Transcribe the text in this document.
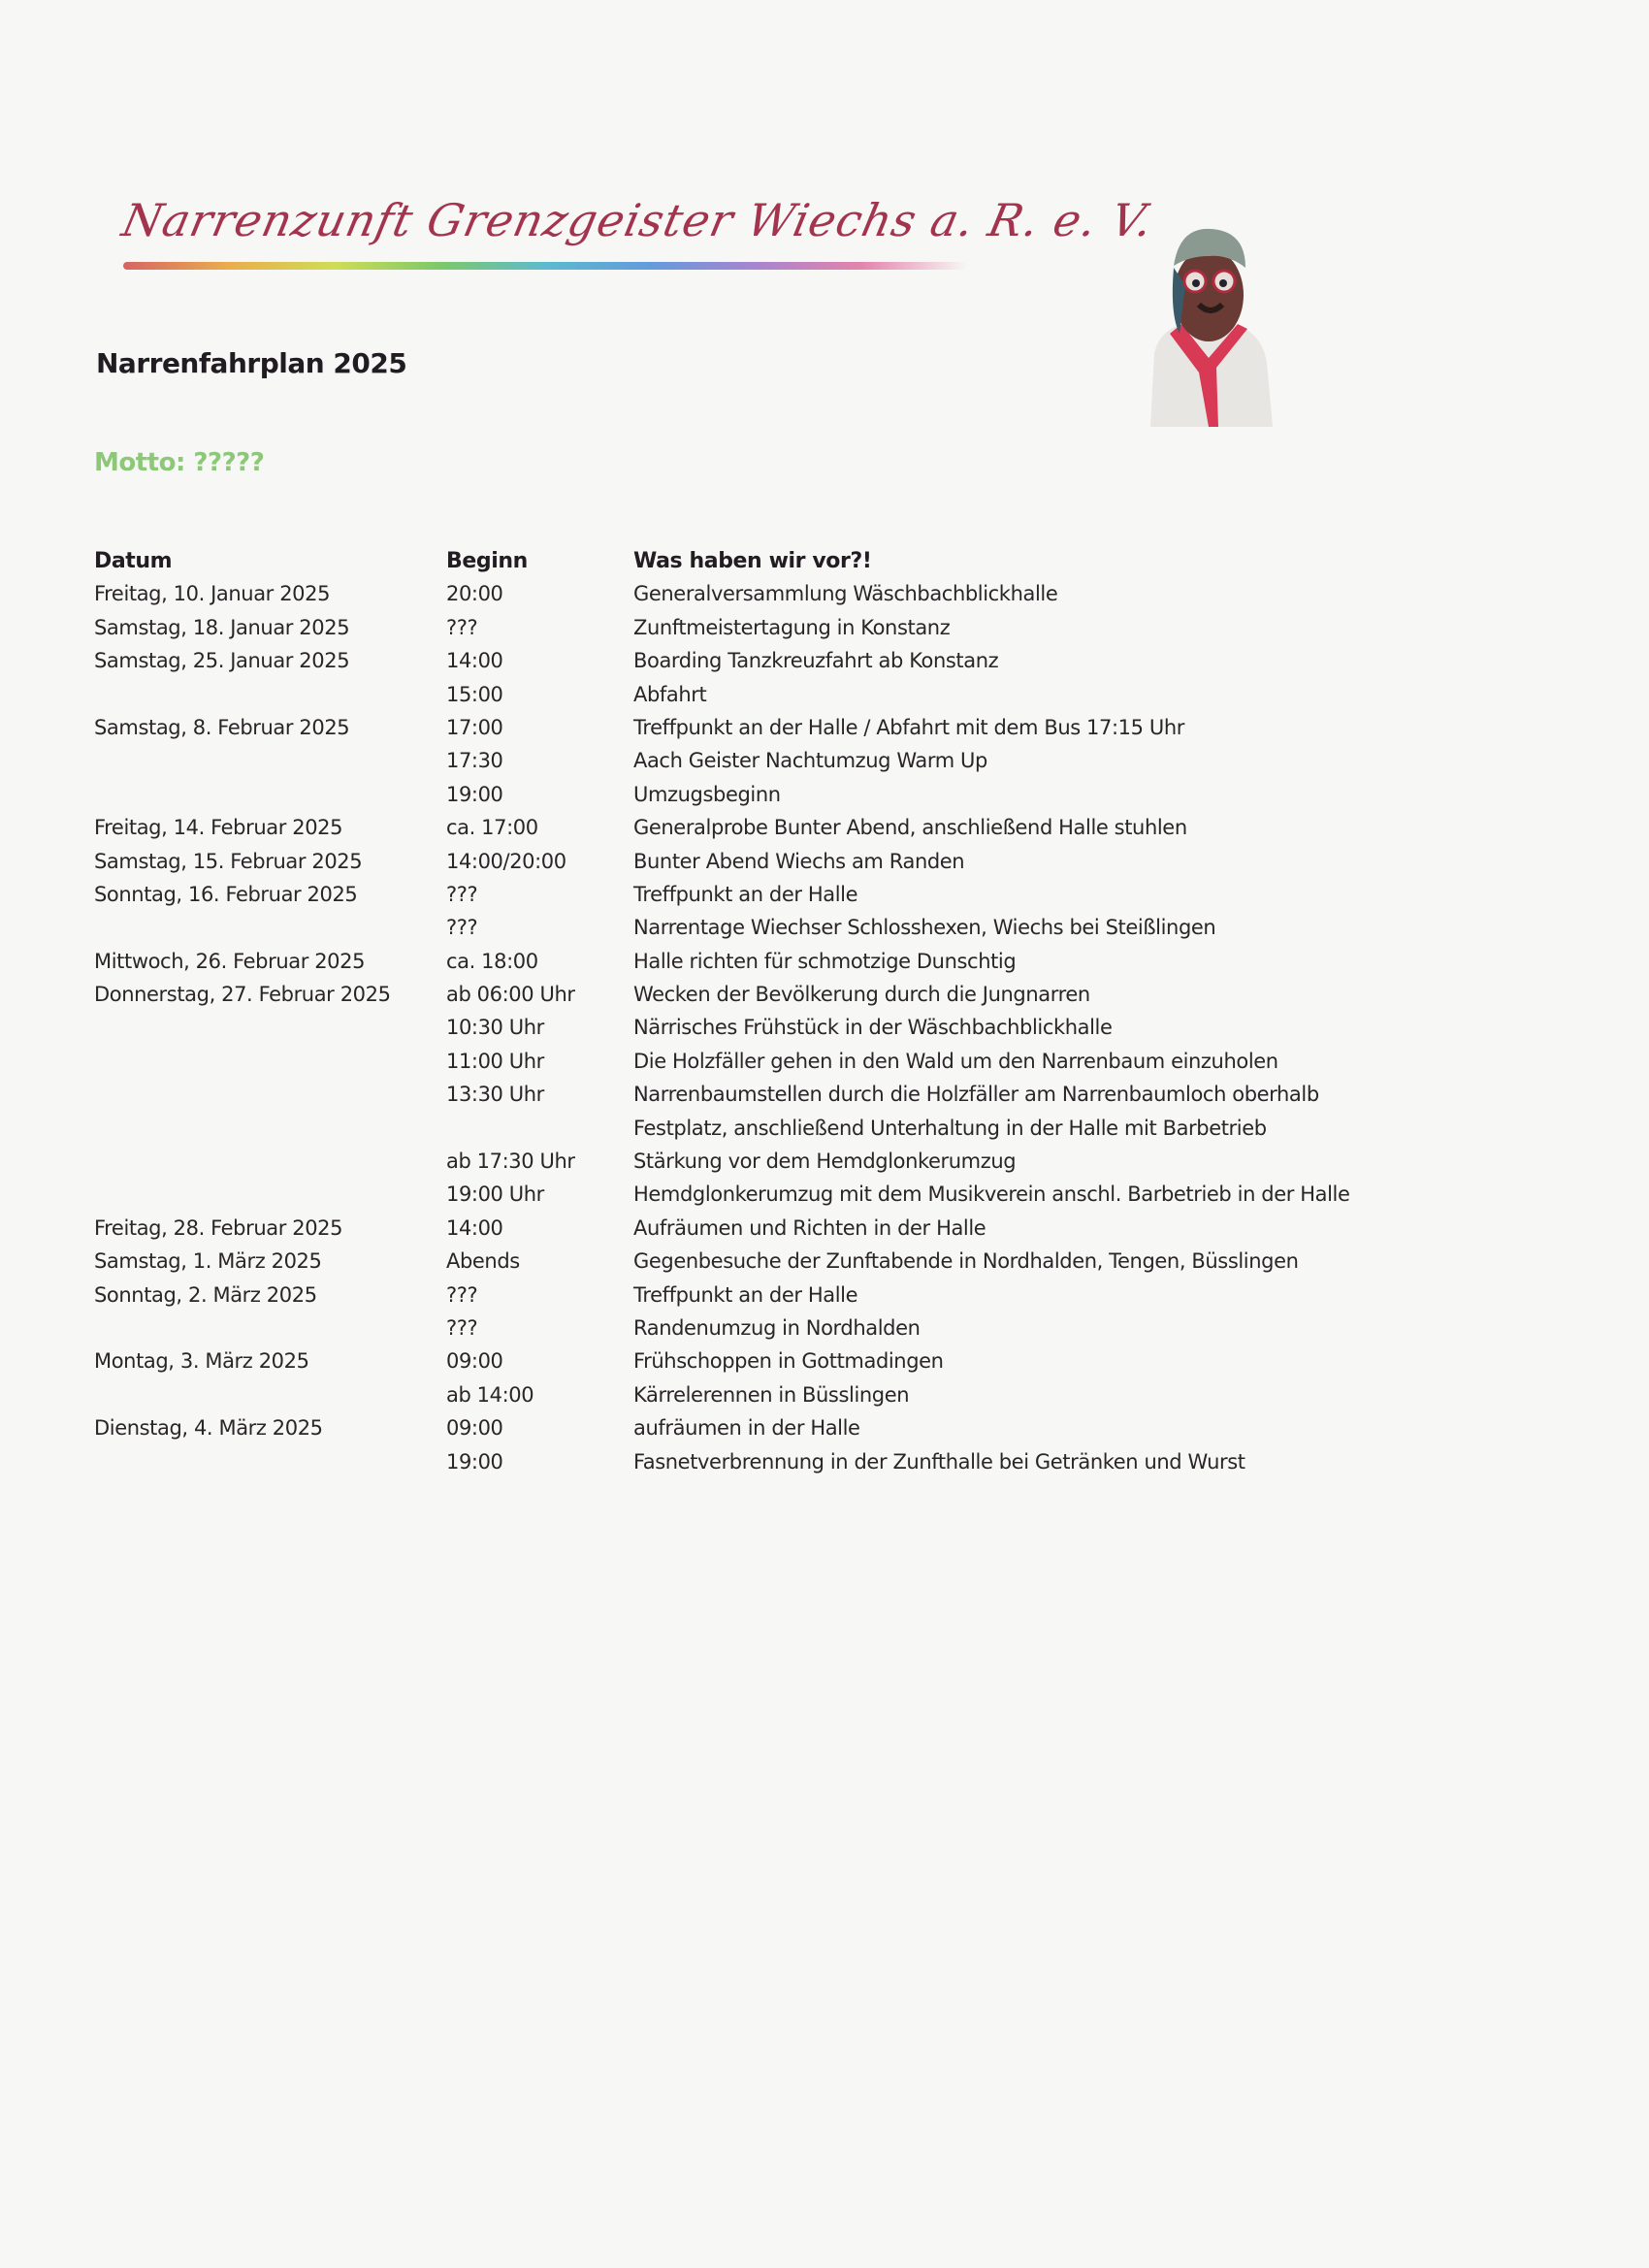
Narrenzunft Grenzgeister Wiechs a. R. e. V.
Narrenfahrplan 2025
Motto: ?????
Datum	Beginn	Was haben wir vor?!
Freitag, 10. Januar 2025	20:00	Generalversammlung Wäschbachblickhalle
Samstag, 18. Januar 2025	???	Zunftmeistertagung in Konstanz
Samstag, 25. Januar 2025	14:00	Boarding Tanzkreuzfahrt ab Konstanz
15:00	Abfahrt
Samstag, 8. Februar 2025	17:00	Treffpunkt an der Halle / Abfahrt mit dem Bus 17:15 Uhr
17:30	Aach Geister Nachtumzug Warm Up
19:00	Umzugsbeginn
Freitag, 14. Februar 2025	ca. 17:00	Generalprobe Bunter Abend, anschließend Halle stuhlen
Samstag, 15. Februar 2025	14:00/20:00	Bunter Abend Wiechs am Randen
Sonntag, 16. Februar 2025	???	Treffpunkt an der Halle
???	Narrentage Wiechser Schlosshexen, Wiechs bei Steißlingen
Mittwoch, 26. Februar 2025	ca. 18:00	Halle richten für schmotzige Dunschtig
Donnerstag, 27. Februar 2025	ab 06:00 Uhr	Wecken der Bevölkerung durch die Jungnarren
10:30 Uhr	Närrisches Frühstück in der Wäschbachblickhalle
11:00 Uhr	Die Holzfäller gehen in den Wald um den Narrenbaum einzuholen
13:30 Uhr	Narrenbaumstellen durch die Holzfäller am Narrenbaumloch oberhalb
Festplatz, anschließend Unterhaltung in der Halle mit Barbetrieb
ab 17:30 Uhr	Stärkung vor dem Hemdglonkerumzug
19:00 Uhr	Hemdglonkerumzug mit dem Musikverein anschl. Barbetrieb in der Halle
Freitag, 28. Februar 2025	14:00	Aufräumen und Richten in der Halle
Samstag, 1. März 2025	Abends	Gegenbesuche der Zunftabende in Nordhalden, Tengen, Büsslingen
Sonntag, 2. März 2025	???	Treffpunkt an der Halle
???	Randenumzug in Nordhalden
Montag, 3. März 2025	09:00	Frühschoppen in Gottmadingen
ab 14:00	Kärrelerennen in Büsslingen
Dienstag, 4. März 2025	09:00	aufräumen in der Halle
19:00	Fasnetverbrennung in der Zunfthalle bei Getränken und Wurst
